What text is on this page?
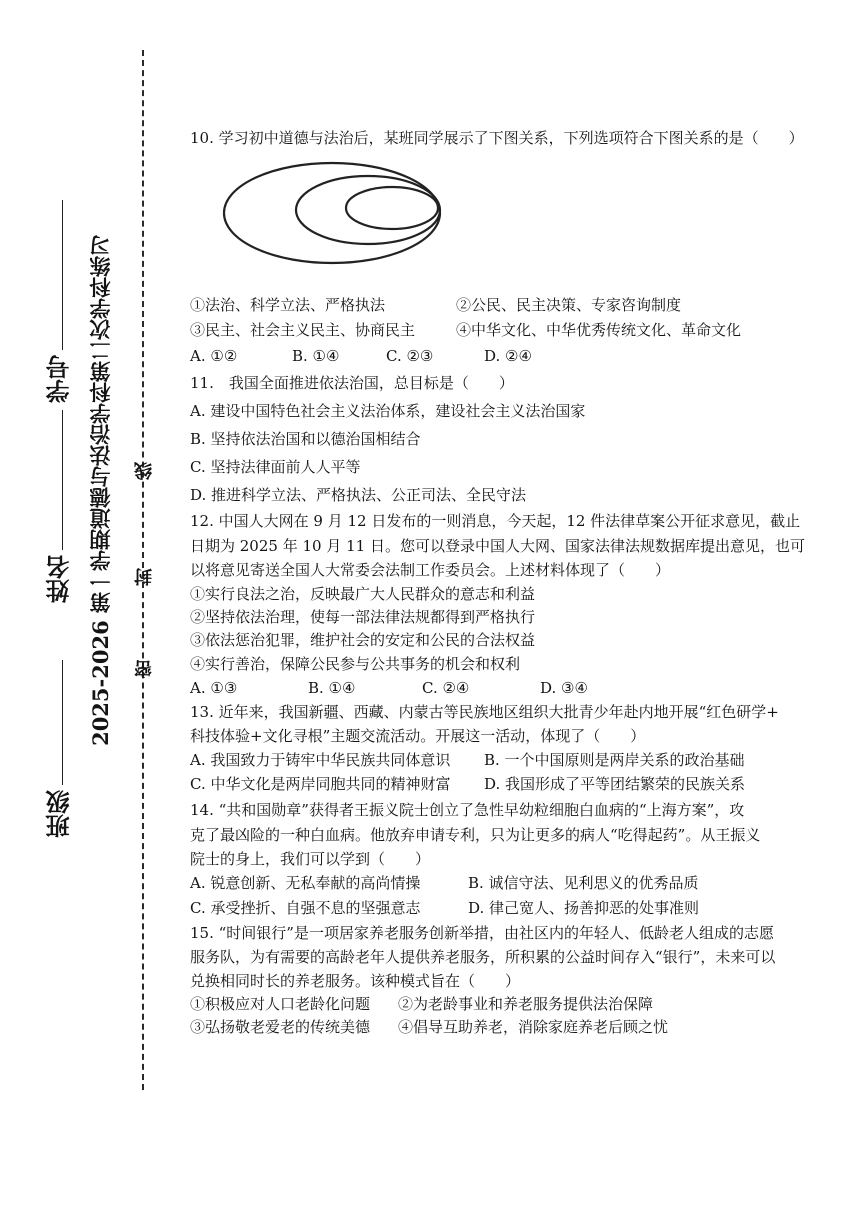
班级
姓名
学号 2025-2026 第一学期道德与法治学科第二次学科练习 密
封
线
10. 学习初中道德与法治后，某班同学展示了下图关系，下列选项符合下图关系的是（　　）
①法治、科学立法、严格执法	②公民、民主决策、专家咨询制度
③民主、社会主义民主、协商民主	④中华文化、中华优秀传统文化、革命文化
A. ①②	B. ①④	C. ②③	D. ②④
11.　我国全面推进依法治国，总目标是（　　）
A. 建设中国特色社会主义法治体系，建设社会主义法治国家
B. 坚持依法治国和以德治国相结合
C. 坚持法律面前人人平等
D. 推进科学立法、严格执法、公正司法、全民守法
12. 中国人大网在 9 月 12 日发布的一则消息，今天起，12 件法律草案公开征求意见，截止
日期为 2025 年 10 月 11 日。您可以登录中国人大网、国家法律法规数据库提出意见，也可
以将意见寄送全国人大常委会法制工作委员会。上述材料体现了（　　）
①实行良法之治，反映最广大人民群众的意志和利益
②坚持依法治理，使每一部法律法规都得到严格执行
③依法惩治犯罪，维护社会的安定和公民的合法权益
④实行善治，保障公民参与公共事务的机会和权利
A. ①③	B. ①④	C. ②④	D. ③④
13. 近年来，我国新疆、西藏、内蒙古等民族地区组织大批青少年赴内地开展“红色研学+
科技体验+文化寻根”主题交流活动。开展这一活动，体现了（　　）
A. 我国致力于铸牢中华民族共同体意识 B. 一个中国原则是两岸关系的政治基础
C. 中华文化是两岸同胞共同的精神财富 D. 我国形成了平等团结繁荣的民族关系
14. “共和国勋章”获得者王振义院士创立了急性早幼粒细胞白血病的“上海方案”，攻
克了最凶险的一种白血病。他放弃申请专利，只为让更多的病人“吃得起药”。从王振义
院士的身上，我们可以学到（　　）
A. 锐意创新、无私奉献的高尚情操	B. 诚信守法、见利思义的优秀品质
C. 承受挫折、自强不息的坚强意志	D. 律己宽人、扬善抑恶的处事准则
15. “时间银行”是一项居家养老服务创新举措，由社区内的年轻人、低龄老人组成的志愿
服务队，为有需要的高龄老年人提供养老服务，所积累的公益时间存入“银行”，未来可以
兑换相同时长的养老服务。该种模式旨在（　　）
①积极应对人口老龄化问题 ②为老龄事业和养老服务提供法治保障
③弘扬敬老爱老的传统美德 ④倡导互助养老，消除家庭养老后顾之忧
